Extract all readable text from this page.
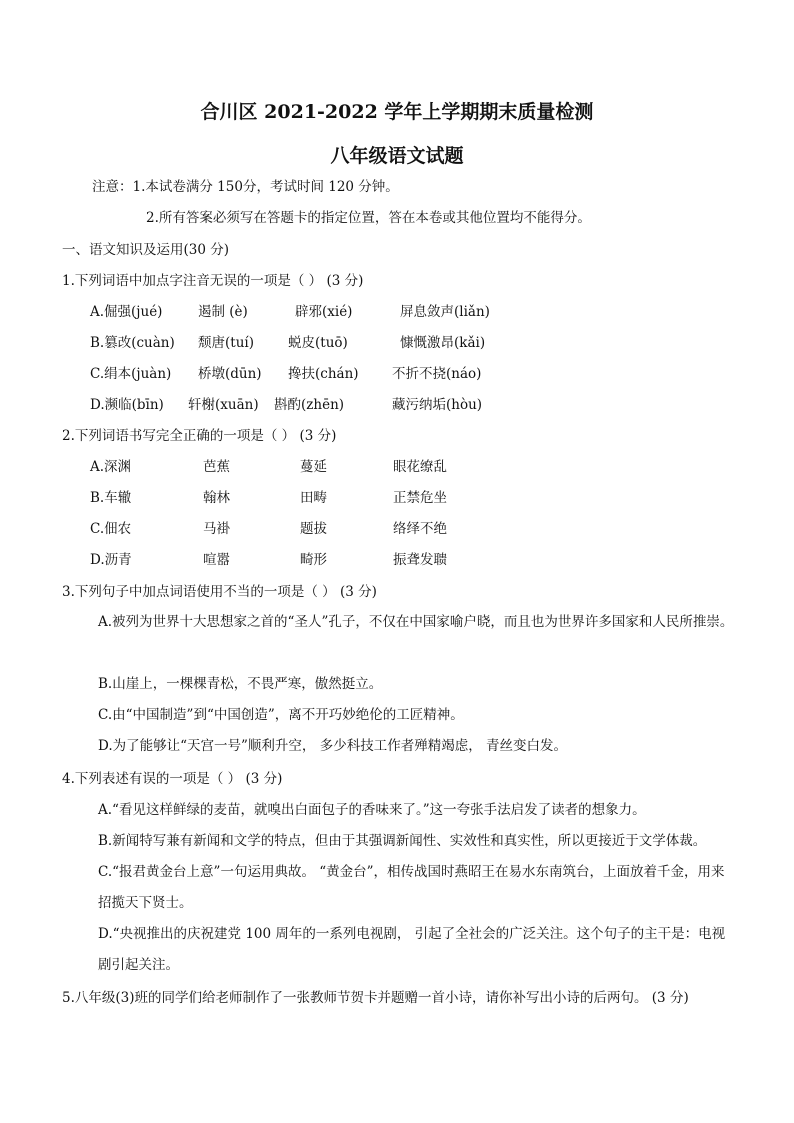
合川区 2021-2022 学年上学期期末质量检测
八年级语文试题
注意：1.本试卷满分 150分，考试时间 120 分钟。
2.所有答案必须写在答题卡的指定位置，答在本卷或其他位置均不能得分。
一、语文知识及运用(30 分)
1.下列词语中加点字注音无误的一项是（ ） (3 分)
A.倔强(jué)	遏制 (è)	辟邪(xié)	屏息敛声(liǎn)
B.篡改(cuàn) 颓唐(tuí)	蜕皮(tuō)	慷慨激昂(kǎi)
C.绢本(juàn) 桥墩(dūn) 搀扶(chán) 不折不挠(náo)
D.濒临(bīn) 轩榭(xuān) 斟酌(zhēn)	藏污纳垢(hòu)
2.下列词语书写完全正确的一项是（ ） (3 分)
A.深渊	芭蕉	蔓延	眼花缭乱
B.车辙	翰林	田畴	正禁危坐
C.佃农	马褂	题拔	络绎不绝
D.沥青	喧嚣	畸形	振聋发聩
3.下列句子中加点词语使用不当的一项是（ ） (3 分)
A.被列为世界十大思想家之首的“圣人”孔子，不仅在中国家喻户晓，而且也为世界许多国家和人民所推崇。
B.山崖上，一棵棵青松，不畏严寒，傲然挺立。
C.由“中国制造”到“中国创造”，离不开巧妙绝伦的工匠精神。
D.为了能够让“天宫一号”顺利升空， 多少科技工作者殚精竭虑， 青丝变白发。
4.下列表述有误的一项是（ ） (3 分)
A.“看见这样鲜绿的麦苗，就嗅出白面包子的香味来了。”这一夸张手法启发了读者的想象力。
B.新闻特写兼有新闻和文学的特点，但由于其强调新闻性、实效性和真实性，所以更接近于文学体裁。
C.“报君黄金台上意”一句运用典故。 “黄金台”，相传战国时燕昭王在易水东南筑台，上面放着千金，用来招揽天下贤士。
D.“央视推出的庆祝建党 100 周年的一系列电视剧， 引起了全社会的广泛关注。这个句子的主干是：电视剧引起关注。
5.八年级(3)班的同学们给老师制作了一张教师节贺卡并题赠一首小诗，请你补写出小诗的后两句。 (3 分)
